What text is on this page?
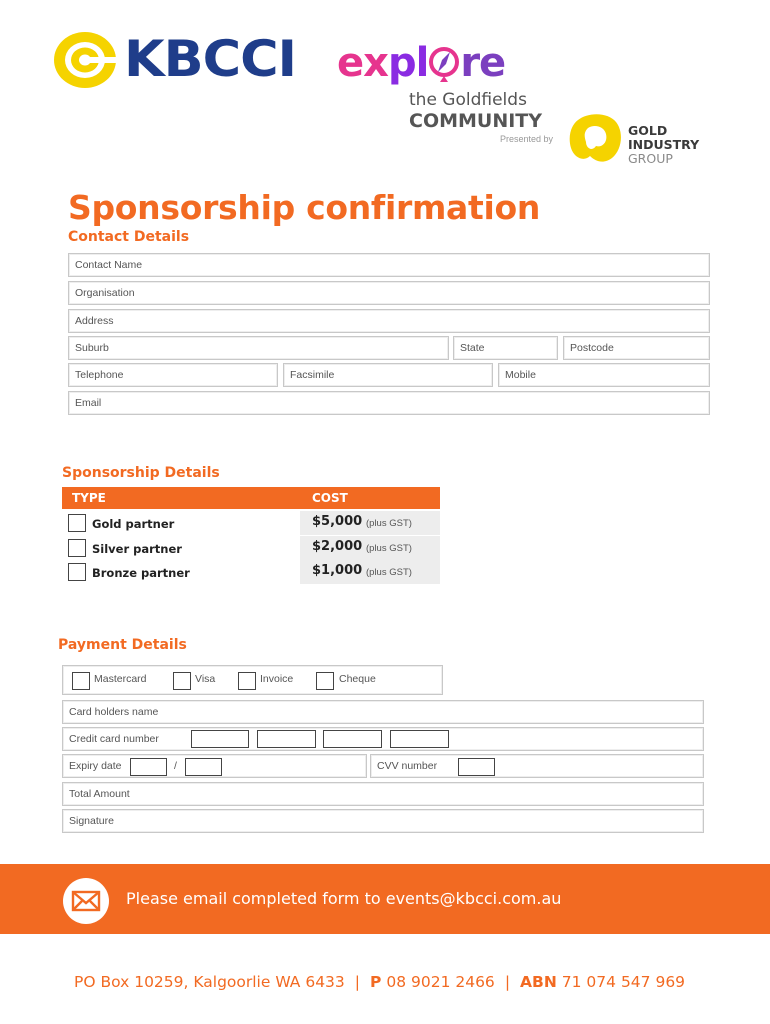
KBCCI expl re
the Goldfields
COMMUNITY
Presented by
GOLD
INDUSTRY
GROUP
Sponsorship confirmation
Contact Details
Contact Name
Organisation
Address
Suburb	State	Postcode
Telephone	Facsimile	Mobile
Email
Sponsorship Details
TYPE	COST
Gold partner	$5,000 (plus GST)
Silver partner	$2,000 (plus GST)
Bronze partner	$1,000 (plus GST)
Payment Details
Mastercard	Visa	Invoice	Cheque
Card holders name
Credit card number
Expiry date	/	CVV number
Total Amount
Signature
Please email completed form to events@kbcci.com.au
PO Box 10259, Kalgoorlie WA 6433 | P 08 9021 2466 | ABN 71 074 547 969
